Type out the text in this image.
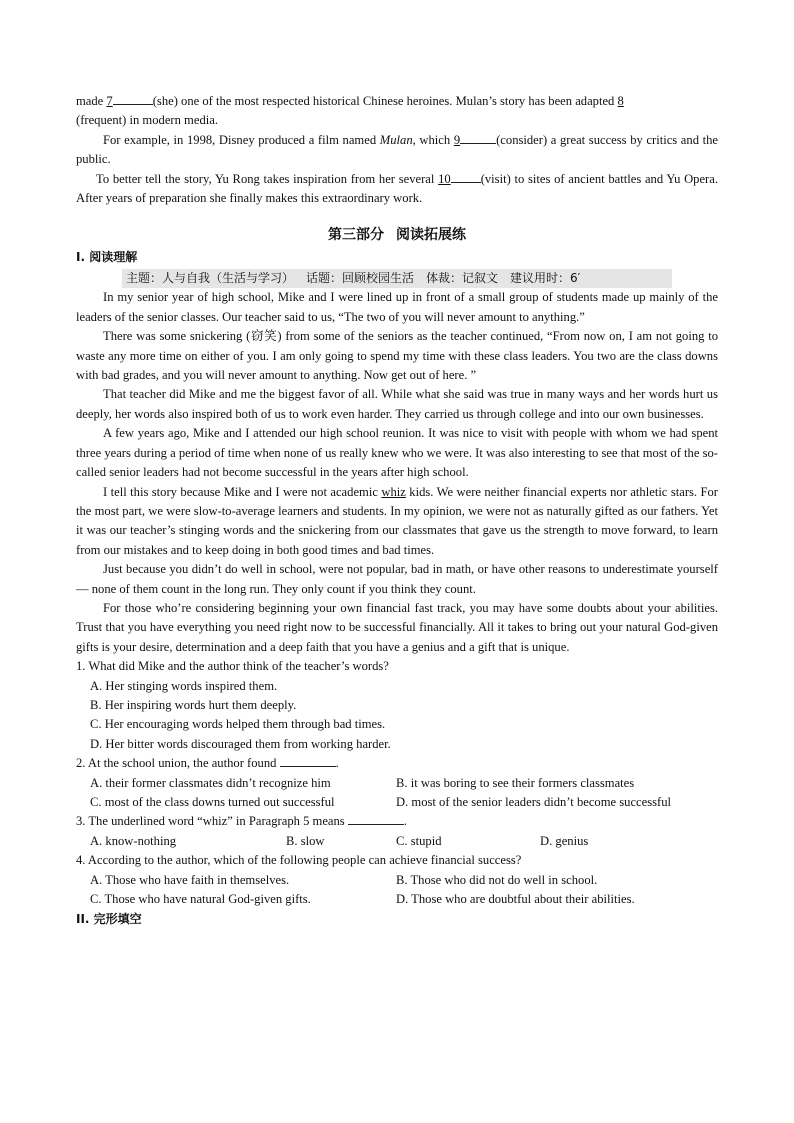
made 7	(she) one of the most respected historical Chinese heroines. Mulan’s story has been adapted 8
(frequent) in modern media.

For example, in 1998, Disney produced a film named Mulan, which 9	(consider) a great success by critics and the public.

To better tell the story, Yu Rong takes inspiration from her several 10 (visit) to sites of ancient battles and Yu Opera. After years of preparation she finally makes this extraordinary work.

第三部分 阅读拓展练
I. 阅读理解
主题：人与自我（生活与学习） 话题：回顾校园生活 体裁：记叙文 建议用时：6′

In my senior year of high school, Mike and I were lined up in front of a small group of students made up mainly of the leaders of the senior classes. Our teacher said to us, “The two of you will never amount to anything.”

There was some snickering (窃笑) from some of the seniors as the teacher continued, “From now on, I am not going to waste any more time on either of you. I am only going to spend my time with these class leaders. You two are the class downs with bad grades, and you will never amount to anything. Now get out of here. ”

That teacher did Mike and me the biggest favor of all. While what she said was true in many ways and her words hurt us deeply, her words also inspired both of us to work even harder. They carried us through college and into our own businesses.

A few years ago, Mike and I attended our high school reunion. It was nice to visit with people with whom we had spent three years during a period of time when none of us really knew who we were. It was also interesting to see that most of the so-called senior leaders had not become successful in the years after high school.

I tell this story because Mike and I were not academic whiz kids. We were neither financial experts nor athletic stars. For the most part, we were slow-to-average learners and students. In my opinion, we were not as naturally gifted as our fathers. Yet it was our teacher’s stinging words and the snickering from our classmates that gave us the strength to move forward, to learn from our mistakes and to keep doing in both good times and bad times.

Just because you didn’t do well in school, were not popular, bad in math, or have other reasons to underestimate yourself — none of them count in the long run. They only count if you think they count.

For those who’re considering beginning your own financial fast track, you may have some doubts about your abilities. Trust that you have everything you need right now to be successful financially. All it takes to bring out your natural God-given gifts is your desire, determination and a deep faith that you have a genius and a gift that is unique.

1. What did Mike and the author think of the teacher’s words?
A. Her stinging words inspired them.
B. Her inspiring words hurt them deeply.
C. Her encouraging words helped them through bad times.
D. Her bitter words discouraged them from working harder.
2. At the school union, the author found	.
A. their former classmates didn’t recognize him	B. it was boring to see their formers classmates
C. most of the class downs turned out successful	D. most of the senior leaders didn’t become successful
3. The underlined word “whiz” in Paragraph 5 means	.
A. know-nothing	B. slow	C. stupid	D. genius
4. According to the author, which of the following people can achieve financial success?
A. Those who have faith in themselves.	B. Those who did not do well in school.
C. Those who have natural God-given gifts.	D. Those who are doubtful about their abilities.
II. 完形填空
